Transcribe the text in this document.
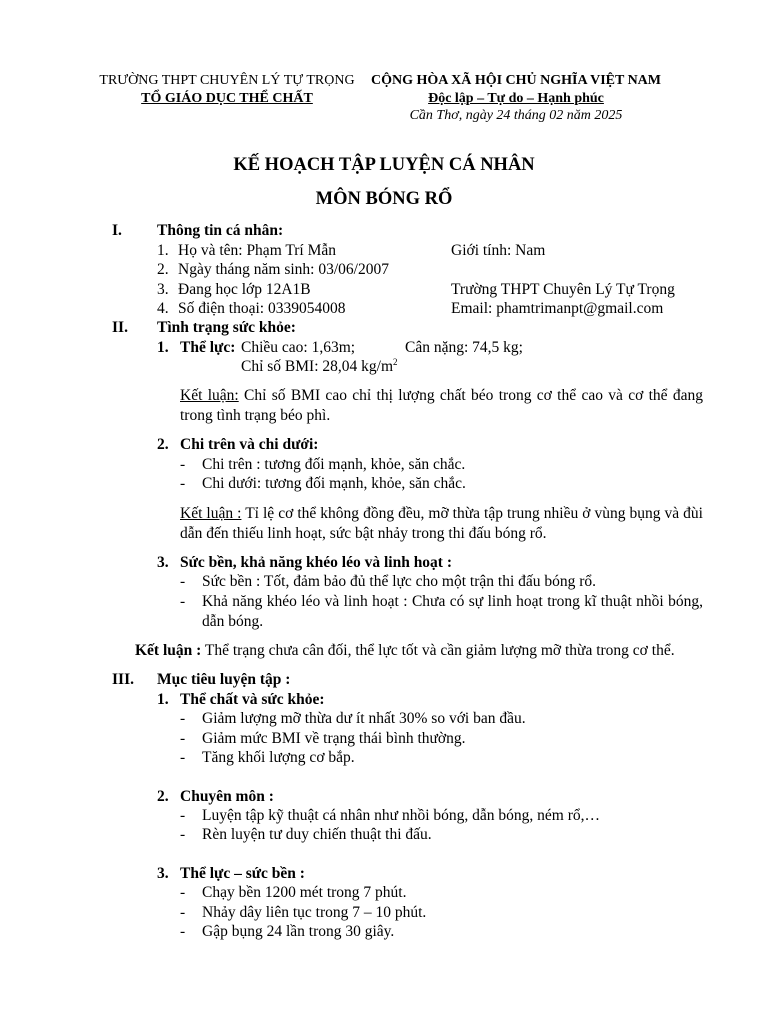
TRƯỜNG THPT CHUYÊN LÝ TỰ TRỌNG
TỔ GIÁO DỤC THỂ CHẤT
CỘNG HÒA XÃ HỘI CHỦ NGHĨA VIỆT NAM
Độc lập – Tự do – Hạnh phúc
Cần Thơ, ngày 24 tháng 02 năm 2025
KẾ HOẠCH TẬP LUYỆN CÁ NHÂN
MÔN BÓNG RỔ
I. Thông tin cá nhân:
1. Họ và tên: Phạm Trí Mẫn	Giới tính: Nam
2. Ngày tháng năm sinh: 03/06/2007
3. Đang học lớp 12A1B	Trường THPT Chuyên Lý Tự Trọng
4. Số điện thoại: 0339054008	Email: phamtrimanpt@gmail.com
II. Tình trạng sức khỏe:
1. Thể lực: Chiều cao: 1,63m;	Cân nặng: 74,5 kg;
Chỉ số BMI: 28,04 $kg/m^2$
Kết luận: Chỉ số BMI cao chỉ thị lượng chất béo trong cơ thể cao và cơ thể đang trong tình trạng béo phì.
2. Chi trên và chi dưới:
- Chi trên : tương đối mạnh, khỏe, săn chắc.
- Chi dưới: tương đối mạnh, khỏe, săn chắc.
Kết luận : Tỉ lệ cơ thể không đồng đều, mỡ thừa tập trung nhiều ở vùng bụng và đùi dẫn đến thiếu linh hoạt, sức bật nhảy trong thi đấu bóng rổ.
3. Sức bền, khả năng khéo léo và linh hoạt :
- Sức bền : Tốt, đảm bảo đủ thể lực cho một trận thi đấu bóng rổ.
- Khả năng khéo léo và linh hoạt : Chưa có sự linh hoạt trong kĩ thuật nhồi bóng, dẫn bóng.
Kết luận : Thể trạng chưa cân đối, thể lực tốt và cần giảm lượng mỡ thừa trong cơ thể.
III. Mục tiêu luyện tập :
1. Thể chất và sức khỏe:
- Giảm lượng mỡ thừa dư ít nhất 30% so với ban đầu.
- Giảm mức BMI về trạng thái bình thường.
- Tăng khối lượng cơ bắp.
2. Chuyên môn :
- Luyện tập kỹ thuật cá nhân như nhồi bóng, dẫn bóng, ném rổ,…
- Rèn luyện tư duy chiến thuật thi đấu.
3. Thể lực – sức bền :
- Chạy bền 1200 mét trong 7 phút.
- Nhảy dây liên tục trong 7 – 10 phút.
- Gập bụng 24 lần trong 30 giây.
